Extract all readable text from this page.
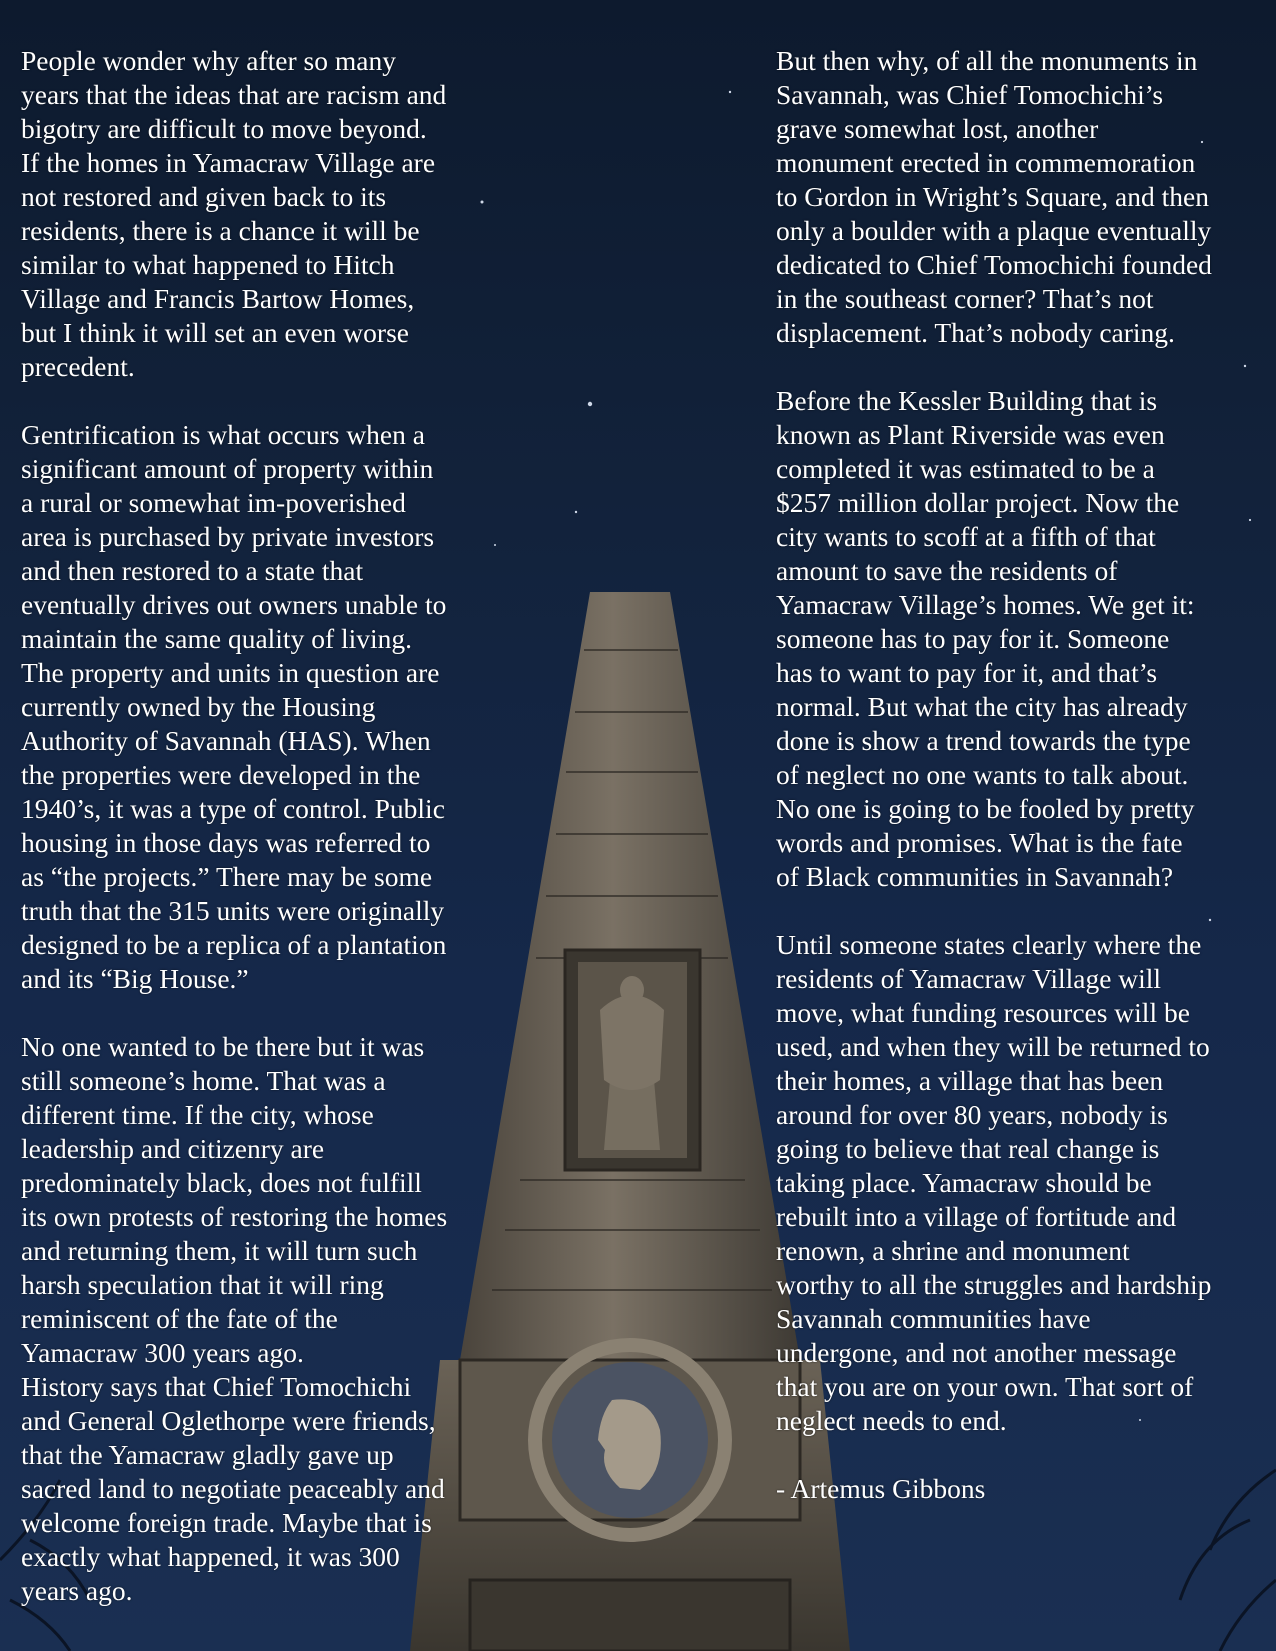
People wonder why after so many
years that the ideas that are racism and
bigotry are difficult to move beyond.
If the homes in Yamacraw Village are
not restored and given back to its
residents, there is a chance it will be
similar to what happened to Hitch
Village and Francis Bartow Homes,
but I think it will set an even worse
precedent.

Gentrification is what occurs when a
significant amount of property within
a rural or somewhat im-poverished
area is purchased by private investors
and then restored to a state that
eventually drives out owners unable to
maintain the same quality of living.
The property and units in question are
currently owned by the Housing
Authority of Savannah (HAS). When
the properties were developed in the
1940’s, it was a type of control. Public
housing in those days was referred to
as “the projects.” There may be some
truth that the 315 units were originally
designed to be a replica of a plantation
and its “Big House.”

No one wanted to be there but it was
still someone’s home. That was a
different time. If the city, whose
leadership and citizenry are
predominately black, does not fulfill
its own protests of restoring the homes
and returning them, it will turn such
harsh speculation that it will ring
reminiscent of the fate of the
Yamacraw 300 years ago.

History says that Chief Tomochichi
and General Oglethorpe were friends,
that the Yamacraw gladly gave up
sacred land to negotiate peaceably and
welcome foreign trade. Maybe that is
exactly what happened, it was 300
years ago.

But then why, of all the monuments in
Savannah, was Chief Tomochichi’s
grave somewhat lost, another
monument erected in commemoration
to Gordon in Wright’s Square, and then
only a boulder with a plaque eventually
dedicated to Chief Tomochichi founded
in the southeast corner? That’s not
displacement. That’s nobody caring.

Before the Kessler Building that is
known as Plant Riverside was even
completed it was estimated to be a
$257 million dollar project. Now the
city wants to scoff at a fifth of that
amount to save the residents of
Yamacraw Village’s homes. We get it:
someone has to pay for it. Someone
has to want to pay for it, and that’s
normal. But what the city has already
done is show a trend towards the type
of neglect no one wants to talk about.
No one is going to be fooled by pretty
words and promises. What is the fate
of Black communities in Savannah?

Until someone states clearly where the
residents of Yamacraw Village will
move, what funding resources will be
used, and when they will be returned to
their homes, a village that has been
around for over 80 years, nobody is
going to believe that real change is
taking place. Yamacraw should be
rebuilt into a village of fortitude and
renown, a shrine and monument
worthy to all the struggles and hardship
Savannah communities have
undergone, and not another message
that you are on your own. That sort of
neglect needs to end.

- Artemus Gibbons
